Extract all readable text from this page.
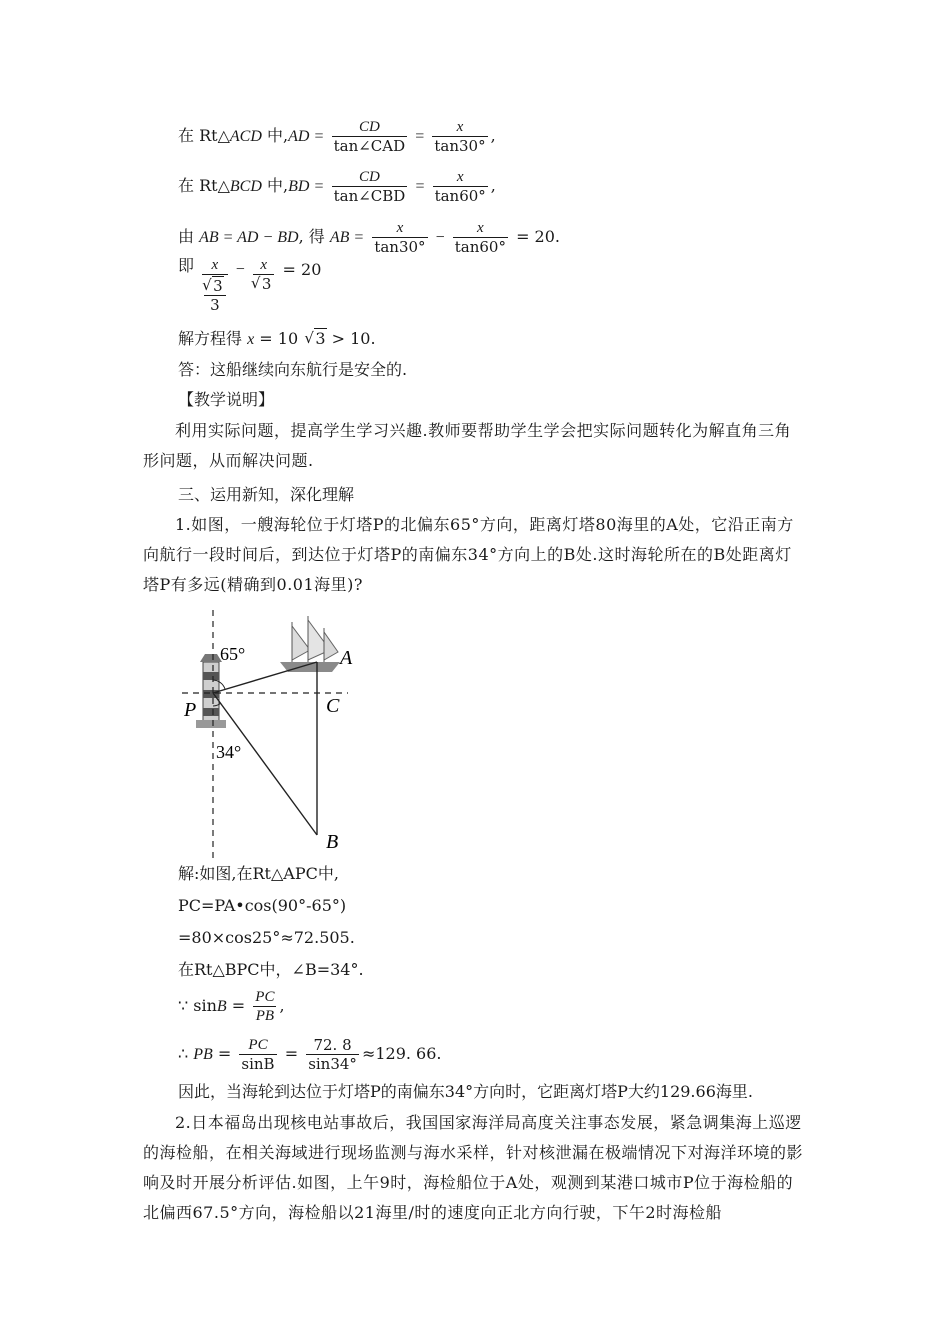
在 Rt△ACD 中$,AD = \frac{CD}{\text{tan∠CAD}} = \frac{x}{\tan 30^\circ}$ ,
在 Rt△BCD 中$,BD = \frac{CD}{\text{tan∠CBD}} = \frac{x}{\tan 60^\circ}$ ,
由 AB = AD − BD, 得 AB = $\frac{x}{\tan 30^\circ} - \frac{x}{\tan 60^\circ} = 20$.
即 x
√ $\frac{3}{3} - x$
√ 3 = 20
解方程得 x = 10  √ 3 > 10.
答：这船继续向东航行是安全的.
【教学说明】
利用实际问题，提高学生学习兴趣.教师要帮助学生学会把实际问题转化为解直角三角形问题，从而解决问题.
三、运用新知，深化理解
1.如图，一艘海轮位于灯塔P的北偏东65°方向，距离灯塔80海里的A处，它沿正南方向航行一段时间后，到达位于灯塔P的南偏东34°方向上的B处.这时海轮所在的B处距离灯塔P有多远(精确到0.01海里)?
65°
34°
P
A
C
B
解:如图,在Rt△APC中,
PC=PA•cos(90°-65°)
=80×cos25°≈72.505.
在Rt△BPC中，∠B=34°.
∵ $\sin B = \frac{PC}{PB}$ ,
∴ PB = $\frac{PC}{\sin B} = \frac{72. 8}{\sin 34^\circ} \approx 129$. 66.
因此，当海轮到达位于灯塔P的南偏东34°方向时，它距离灯塔P大约129.66海里.
2.日本福岛出现核电站事故后，我国国家海洋局高度关注事态发展，紧急调集海上巡逻的海检船，在相关海域进行现场监测与海水采样，针对核泄漏在极端情况下对海洋环境的影响及时开展分析评估.如图，上午9时，海检船位于A处，观测到某港口城市P位于海检船的北偏西67.5°方向，海检船以21海里/时的速度向正北方向行驶，下午2时海检船
